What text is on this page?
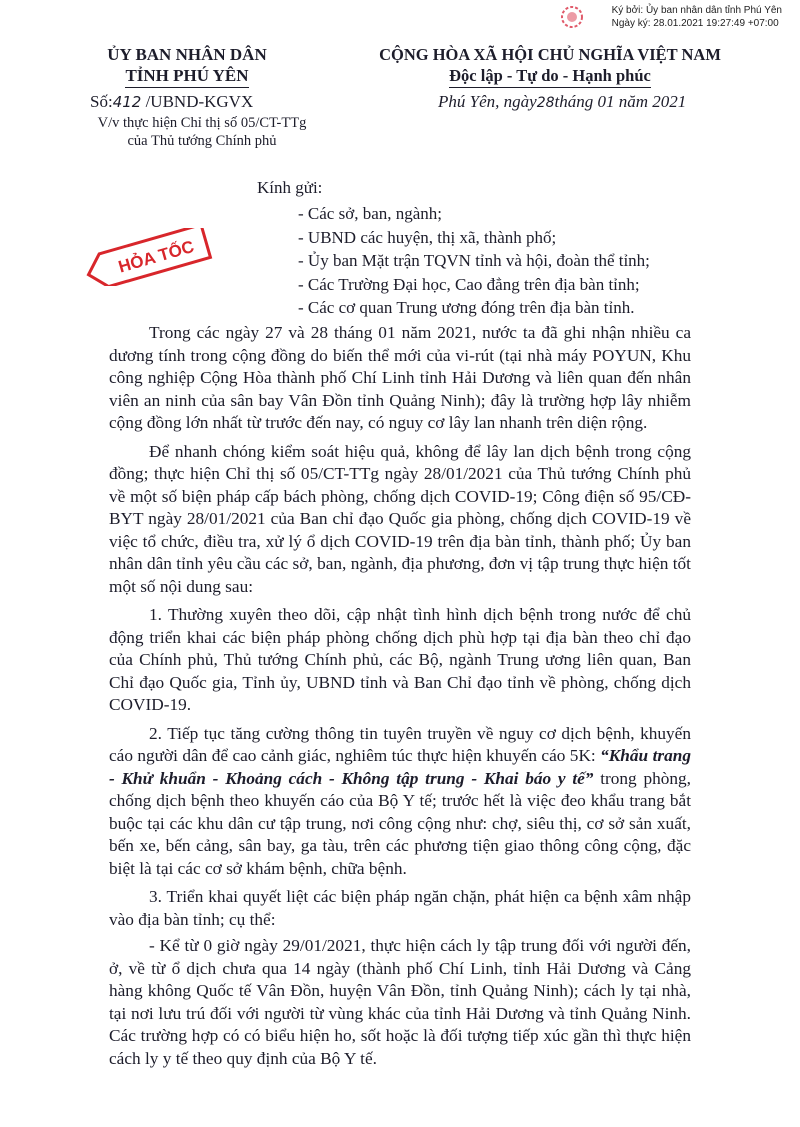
Ký bởi: Ủy ban nhân dân tỉnh Phú Yên
Ngày ký: 28.01.2021 19:27:49 +07:00
ỦY BAN NHÂN DÂN
TỈNH PHÚ YÊN
CỘNG HÒA XÃ HỘI CHỦ NGHĨA VIỆT NAM
Độc lập - Tự do - Hạnh phúc
Số:412 /UBND-KGVX	Phú Yên, ngày28tháng 01 năm 2021
V/v thực hiện Chỉ thị số 05/CT-TTg
của Thủ tướng Chính phủ
HỎA TỐC
Kính gửi:
- Các sở, ban, ngành;
- UBND các huyện, thị xã, thành phố;
- Ủy ban Mặt trận TQVN tỉnh và hội, đoàn thể tỉnh;
- Các Trường Đại học, Cao đẳng trên địa bàn tỉnh;
- Các cơ quan Trung ương đóng trên địa bàn tỉnh.

Trong các ngày 27 và 28 tháng 01 năm 2021, nước ta đã ghi nhận nhiều ca dương tính trong cộng đồng do biến thể mới của vi-rút (tại nhà máy POYUN, Khu công nghiệp Cộng Hòa thành phố Chí Linh tỉnh Hải Dương và liên quan đến nhân viên an ninh của sân bay Vân Đồn tỉnh Quảng Ninh); đây là trường hợp lây nhiễm cộng đồng lớn nhất từ trước đến nay, có nguy cơ lây lan nhanh trên diện rộng.

Để nhanh chóng kiểm soát hiệu quả, không để lây lan dịch bệnh trong cộng đồng; thực hiện Chỉ thị số 05/CT-TTg ngày 28/01/2021 của Thủ tướng Chính phủ về một số biện pháp cấp bách phòng, chống dịch COVID-19; Công điện số 95/CĐ-BYT ngày 28/01/2021 của Ban chỉ đạo Quốc gia phòng, chống dịch COVID-19 về việc tổ chức, điều tra, xử lý ổ dịch COVID-19 trên địa bàn tỉnh, thành phố; Ủy ban nhân dân tỉnh yêu cầu các sở, ban, ngành, địa phương, đơn vị tập trung thực hiện tốt một số nội dung sau:

1. Thường xuyên theo dõi, cập nhật tình hình dịch bệnh trong nước để chủ động triển khai các biện pháp phòng chống dịch phù hợp tại địa bàn theo chỉ đạo của Chính phủ, Thủ tướng Chính phủ, các Bộ, ngành Trung ương liên quan, Ban Chỉ đạo Quốc gia, Tỉnh ủy, UBND tỉnh và Ban Chỉ đạo tỉnh về phòng, chống dịch COVID-19.

2. Tiếp tục tăng cường thông tin tuyên truyền về nguy cơ dịch bệnh, khuyến cáo người dân để cao cảnh giác, nghiêm túc thực hiện khuyến cáo 5K: “Khẩu trang - Khử khuẩn - Khoảng cách - Không tập trung - Khai báo y tế” trong phòng, chống dịch bệnh theo khuyến cáo của Bộ Y tế; trước hết là việc đeo khẩu trang bắt buộc tại các khu dân cư tập trung, nơi công cộng như: chợ, siêu thị, cơ sở sản xuất, bến xe, bến cảng, sân bay, ga tàu, trên các phương tiện giao thông công cộng, đặc biệt là tại các cơ sở khám bệnh, chữa bệnh.

3. Triển khai quyết liệt các biện pháp ngăn chặn, phát hiện ca bệnh xâm nhập vào địa bàn tỉnh; cụ thể:

- Kể từ 0 giờ ngày 29/01/2021, thực hiện cách ly tập trung đối với người đến, ở, về từ ổ dịch chưa qua 14 ngày (thành phố Chí Linh, tỉnh Hải Dương và Cảng hàng không Quốc tế Vân Đồn, huyện Vân Đồn, tỉnh Quảng Ninh); cách ly tại nhà, tại nơi lưu trú đối với người từ vùng khác của tỉnh Hải Dương và tỉnh Quảng Ninh. Các trường hợp có có biểu hiện ho, sốt hoặc là đối tượng tiếp xúc gần thì thực hiện cách ly y tế theo quy định của Bộ Y tế.
